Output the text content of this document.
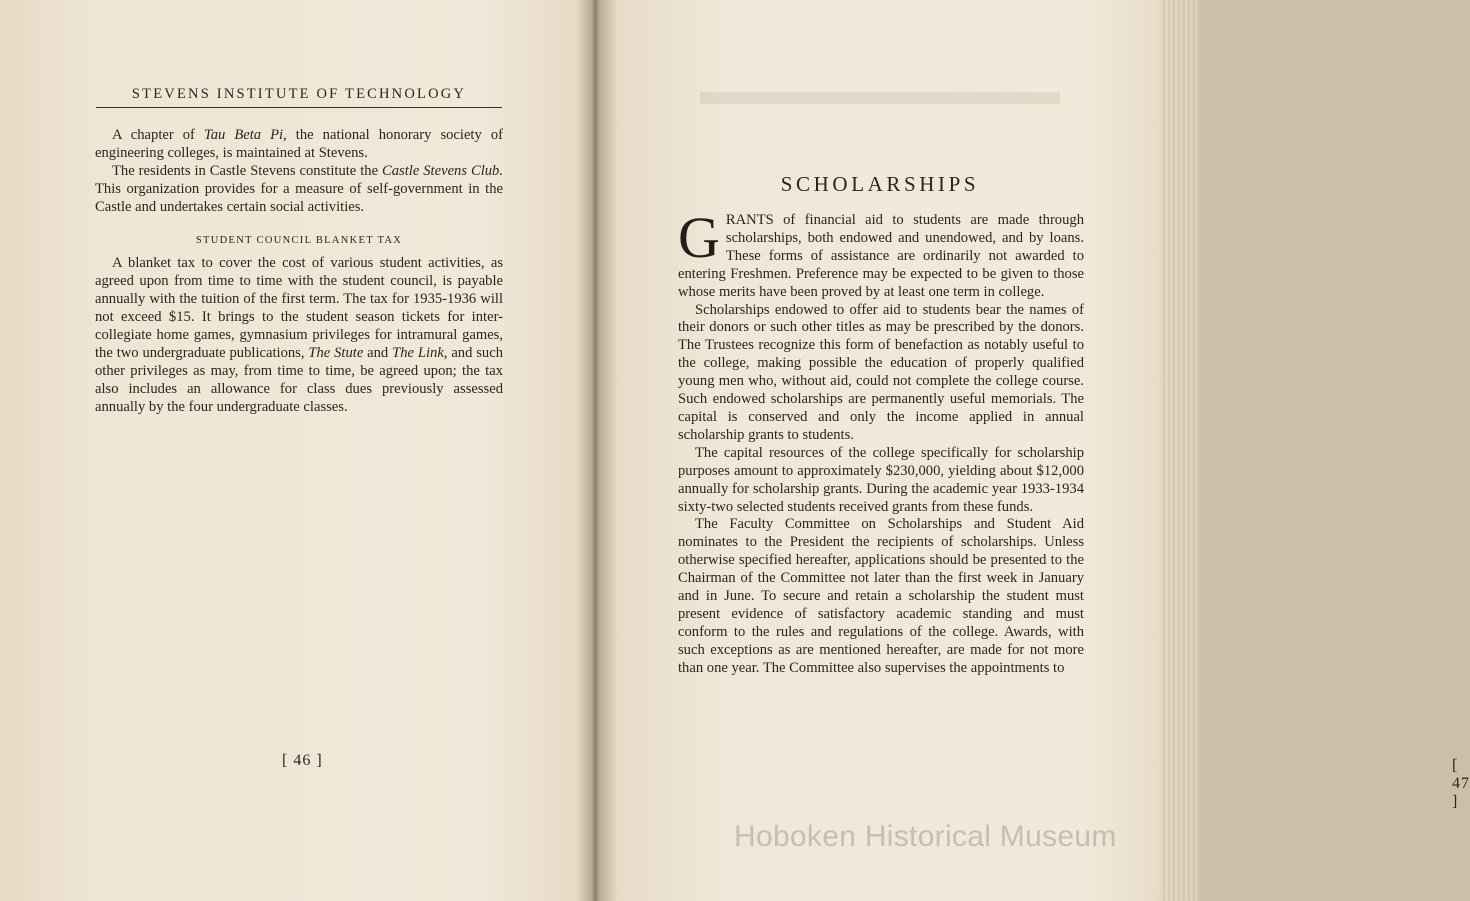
STEVENS INSTITUTE OF TECHNOLOGY

A chapter of Tau Beta Pi, the national honorary society of engineering colleges, is maintained at Stevens.

The residents in Castle Stevens constitute the Castle Stevens Club. This organization provides for a measure of self-government in the Castle and undertakes certain social activities.

STUDENT COUNCIL BLANKET TAX

A blanket tax to cover the cost of various student activities, as agreed upon from time to time with the student council, is payable annually with the tuition of the first term. The tax for 1935-1936 will not exceed $15. It brings to the student season tickets for inter-collegiate home games, gymnasium privileges for intramural games, the two undergraduate publications, The Stute and The Link, and such other privileges as may, from time to time, be agreed upon; the tax also includes an allowance for class dues previously assessed annually by the four undergraduate classes.

[ 46 ]	[ 47 ]
SCHOLARSHIPS

GRANTS of financial aid to students are made through scholarships, both endowed and unendowed, and by loans. These forms of assistance are ordinarily not awarded to entering Freshmen. Preference may be expected to be given to those whose merits have been proved by at least one term in college.

Scholarships endowed to offer aid to students bear the names of their donors or such other titles as may be prescribed by the donors. The Trustees recognize this form of benefaction as notably useful to the college, making possible the education of properly qualified young men who, without aid, could not complete the college course. Such endowed scholarships are permanently useful memorials. The capital is conserved and only the income applied in annual scholarship grants to students.

The capital resources of the college specifically for scholarship purposes amount to approximately $230,000, yielding about $12,000 annually for scholarship grants. During the academic year 1933-1934 sixty-two selected students received grants from these funds.

The Faculty Committee on Scholarships and Student Aid nominates to the President the recipients of scholarships. Unless otherwise specified hereafter, applications should be presented to the Chairman of the Committee not later than the first week in January and in June. To secure and retain a scholarship the student must present evidence of satisfactory academic standing and must conform to the rules and regulations of the college. Awards, with such exceptions as are mentioned hereafter, are made for not more than one year. The Committee also supervises the appointments to

Hoboken Historical Museum
